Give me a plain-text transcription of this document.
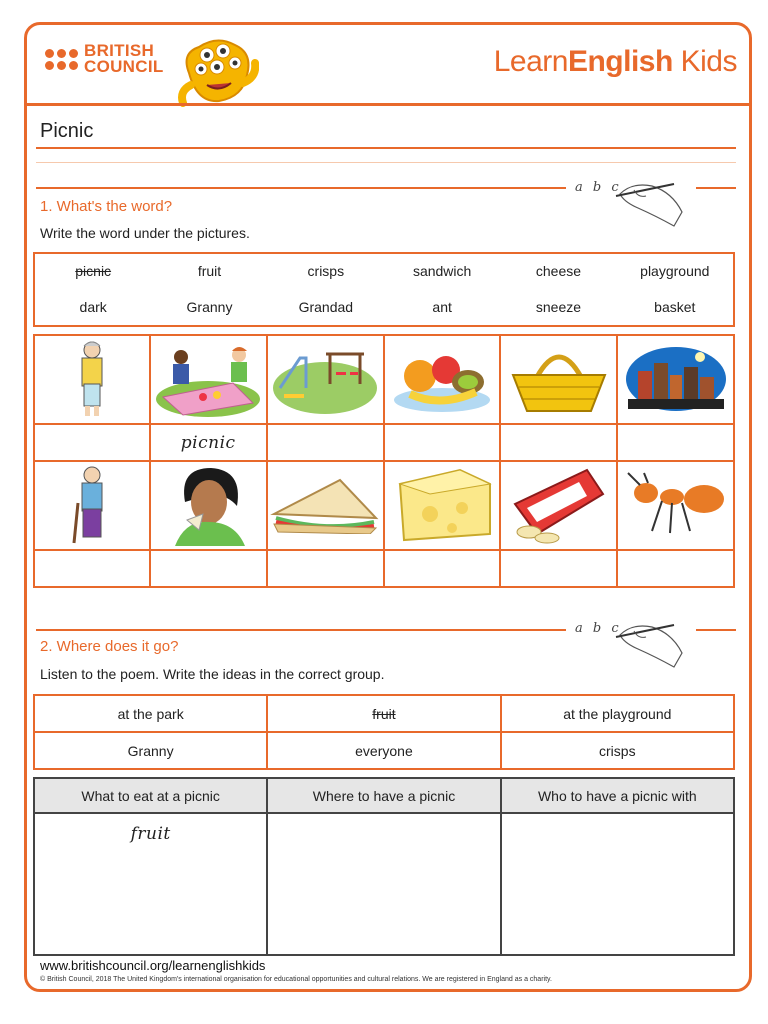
BRITISH
COUNCIL	LearnEnglish Kids
Picnic
a b c
1. What's the word?
Write the word under the pictures.
picnic	fruit	crisps	sandwich	cheese	playground
dark	Granny	Grandad	ant	sneeze	basket

	picnic				

a b c
2. Where does it go?
Listen to the poem. Write the ideas in the correct group.
at the park	fruit	at the playground
Granny	everyone	crisps
What to eat at a picnic	Where to have a picnic	Who to have a picnic with
fruit		
www.britishcouncil.org/learnenglishkids
© British Council, 2018 The United Kingdom's international organisation for educational opportunities and cultural relations. We are registered in England as a charity.
